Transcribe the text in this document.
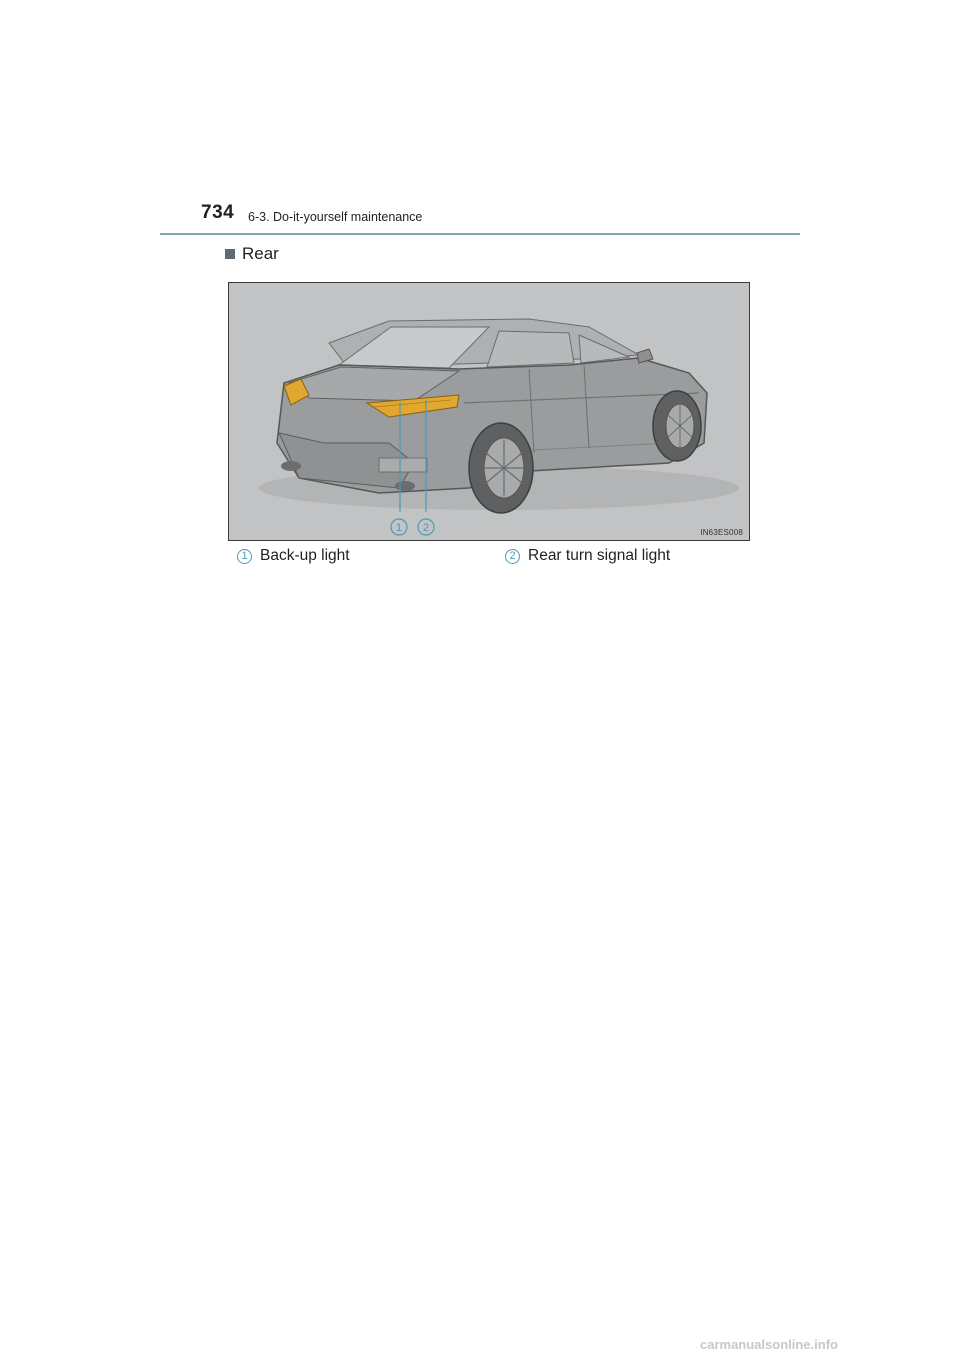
734 6-3. Do-it-yourself maintenance
Rear
1 2	IN63ES008
1 Back-up light	2 Rear turn signal light
carmanualsonline.info
